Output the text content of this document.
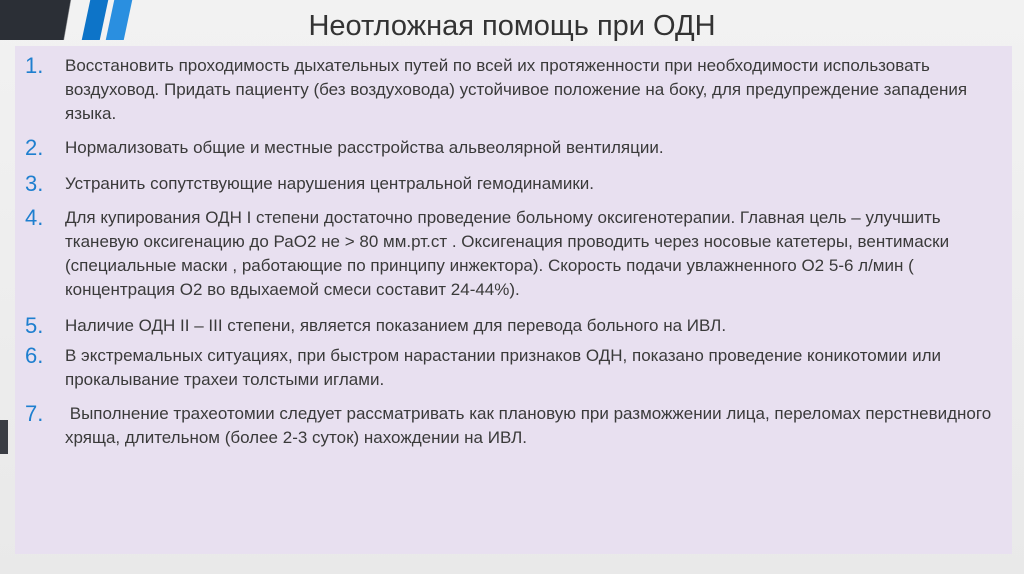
Неотложная помощь при ОДН
1.	Восстановить проходимость дыхательных путей по всей их протяженности при необходимости использовать воздуховод. Придать пациенту (без воздуховода) устойчивое положение на боку, для предупреждение западения языка.
2.	Нормализовать общие и местные расстройства альвеолярной вентиляции.
3.	Устранить сопутствующие нарушения центральной гемодинамики.
4.	Для купирования ОДН I степени достаточно проведение больному оксигенотерапии. Главная цель – улучшить тканевую оксигенацию до РаО2 не > 80 мм.рт.ст . Оксигенация проводить через носовые катетеры, вентимаски (специальные маски , работающие по принципу инжектора). Скорость подачи увлажненного О2 5-6 л/мин ( концентрация О2 во вдыхаемой смеси составит 24-44%).
5.	Наличие ОДН II – III степени, является показанием для перевода больного на ИВЛ.
6.	В экстремальных ситуациях, при быстром нарастании признаков ОДН, показано проведение коникотомии или прокалывание трахеи толстыми иглами.
7.	Выполнение трахеотомии следует рассматривать как плановую при разможжении лица, переломах перстневидного хряща, длительном (более 2-3 суток) нахождении на ИВЛ.
